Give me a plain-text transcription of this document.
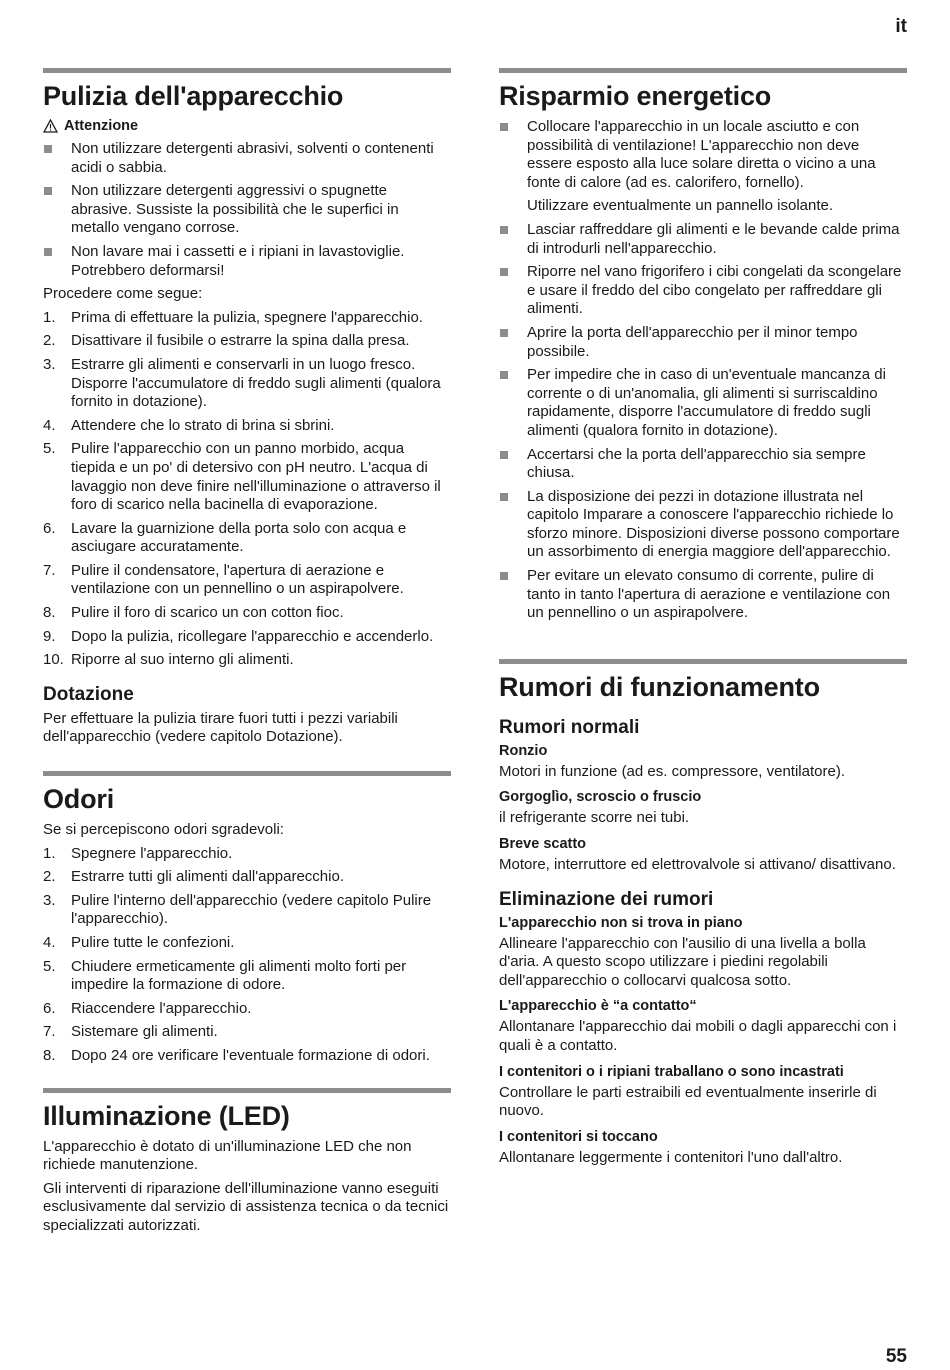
it
Pulizia dell'apparecchio
Attenzione
Non utilizzare detergenti abrasivi, solventi o contenenti acidi o sabbia.
Non utilizzare detergenti aggressivi o spugnette abrasive. Sussiste la possibilità che le superfici in metallo vengano corrose.
Non lavare mai i cassetti e i ripiani in lavastoviglie. Potrebbero deformarsi!

Procedere come segue:

1. Prima di effettuare la pulizia, spegnere l'apparecchio.
2. Disattivare il fusibile o estrarre la spina dalla presa.
3. Estrarre gli alimenti e conservarli in un luogo fresco. Disporre l'accumulatore di freddo sugli alimenti (qualora fornito in dotazione).
4. Attendere che lo strato di brina si sbrini.
5. Pulire l'apparecchio con un panno morbido, acqua tiepida e un po' di detersivo con pH neutro. L'acqua di lavaggio non deve finire nell'illuminazione o attraverso il foro di scarico nella bacinella di evaporazione.
6. Lavare la guarnizione della porta solo con acqua e asciugare accuratamente.
7. Pulire il condensatore, l'apertura di aerazione e ventilazione con un pennellino o un aspirapolvere.
8. Pulire il foro di scarico un con cotton fioc.
9. Dopo la pulizia, ricollegare l'apparecchio e accenderlo.
10. Riporre al suo interno gli alimenti.
Dotazione

Per effettuare la pulizia tirare fuori tutti i pezzi variabili dell'apparecchio (vedere capitolo Dotazione).

Odori

Se si percepiscono odori sgradevoli:

1. Spegnere l'apparecchio.
2. Estrarre tutti gli alimenti dall'apparecchio.
3. Pulire l'interno dell'apparecchio (vedere capitolo Pulire l'apparecchio).
4. Pulire tutte le confezioni.
5. Chiudere ermeticamente gli alimenti molto forti per impedire la formazione di odore.
6. Riaccendere l'apparecchio.
7. Sistemare gli alimenti.
8. Dopo 24 ore verificare l'eventuale formazione di odori.
Illuminazione (LED)

L'apparecchio è dotato di un'illuminazione LED che non richiede manutenzione.

Gli interventi di riparazione dell'illuminazione vanno eseguiti esclusivamente dal servizio di assistenza tecnica o da tecnici specializzati autorizzati.

Risparmio energetico
Collocare l'apparecchio in un locale asciutto e con possibilità di ventilazione! L'apparecchio non deve essere esposto alla luce solare diretta o vicino a una fonte di calore (ad es. calorifero, fornello).
Utilizzare eventualmente un pannello isolante.
Lasciar raffreddare gli alimenti e le bevande calde prima di introdurli nell'apparecchio.
Riporre nel vano frigorifero i cibi congelati da scongelare e usare il freddo del cibo congelato per raffreddare gli alimenti.
Aprire la porta dell'apparecchio per il minor tempo possibile.
Per impedire che in caso di un'eventuale mancanza di corrente o di un'anomalia, gli alimenti si surriscaldino rapidamente, disporre l'accumulatore di freddo sugli alimenti (qualora fornito in dotazione).
Accertarsi che la porta dell'apparecchio sia sempre chiusa.
La disposizione dei pezzi in dotazione illustrata nel capitolo Imparare a conoscere l'apparecchio richiede lo sforzo minore. Disposizioni diverse possono comportare un assorbimento di energia maggiore dell'apparecchio.
Per evitare un elevato consumo di corrente, pulire di tanto in tanto l'apertura di aerazione e ventilazione con un pennellino o un aspirapolvere.
Rumori di funzionamento
Rumori normali
Ronzio

Motori in funzione (ad es. compressore, ventilatore).

Gorgoglìo, scroscio o fruscio

il refrigerante scorre nei tubi.

Breve scatto

Motore, interruttore ed elettrovalvole si attivano/ disattivano.

Eliminazione dei rumori
L'apparecchio non si trova in piano

Allineare l'apparecchio con l'ausilio di una livella a bolla d'aria. A questo scopo utilizzare i piedini regolabili dell'apparecchio o collocarvi qualcosa sotto.

L'apparecchio è “a contatto“

Allontanare l'apparecchio dai mobili o dagli apparecchi con i quali è a contatto.

I contenitori o i ripiani traballano o sono incastrati

Controllare le parti estraibili ed eventualmente inserirle di nuovo.

I contenitori si toccano

Allontanare leggermente i contenitori l'uno dall'altro.

55
